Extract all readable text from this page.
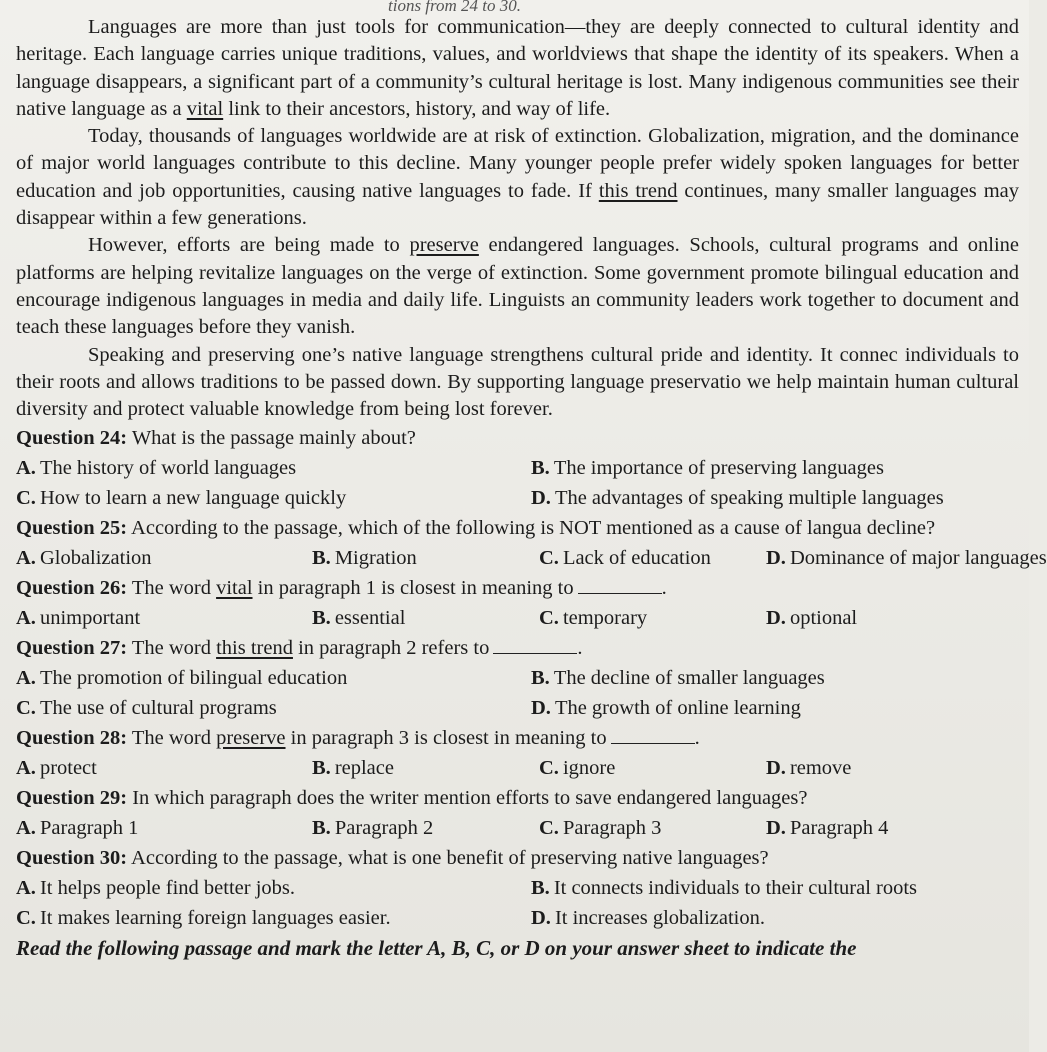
tions from 24 to 30.

Languages are more than just tools for communication—they are deeply connected to cultural identity and heritage. Each language carries unique traditions, values, and worldviews that shape the identity of its speakers. When a language disappears, a significant part of a community’s cultural heritage is lost. Many indigenous communities see their native language as a vital link to their ancestors, history, and way of life.

Today, thousands of languages worldwide are at risk of extinction. Globalization, migration, and the dominance of major world languages contribute to this decline. Many younger people prefer widely spoken languages for better education and job opportunities, causing native languages to fade. If this trend continues, many smaller languages may disappear within a few generations.

However, efforts are being made to preserve endangered languages. Schools, cultural programs and online platforms are helping revitalize languages on the verge of extinction. Some government promote bilingual education and encourage indigenous languages in media and daily life. Linguists an community leaders work together to document and teach these languages before they vanish.

Speaking and preserving one’s native language strengthens cultural pride and identity. It connec individuals to their roots and allows traditions to be passed down. By supporting language preservatio we help maintain human cultural diversity and protect valuable knowledge from being lost forever.

Question 24: What is the passage mainly about?

A. The history of world languages	B. The importance of preserving languages
C. How to learn a new language quickly	D. The advantages of speaking multiple languages

Question 25: According to the passage, which of the following is NOT mentioned as a cause of langua decline?

A. Globalization	B. Migration	C. Lack of education	D. Dominance of major languages

Question 26: The word vital in paragraph 1 is closest in meaning to	.

A. unimportant	B. essential	C. temporary	D. optional

Question 27: The word this trend in paragraph 2 refers to	.

A. The promotion of bilingual education	B. The decline of smaller languages
C. The use of cultural programs	D. The growth of online learning

Question 28: The word preserve in paragraph 3 is closest in meaning to	.

A. protect	B. replace	C. ignore	D. remove

Question 29: In which paragraph does the writer mention efforts to save endangered languages?

A. Paragraph 1	B. Paragraph 2	C. Paragraph 3	D. Paragraph 4

Question 30: According to the passage, what is one benefit of preserving native languages?

A. It helps people find better jobs.	B. It connects individuals to their cultural roots
C. It makes learning foreign languages easier.	D. It increases globalization.
Read the following passage and mark the letter A, B, C, or D on your answer sheet to indicate the
